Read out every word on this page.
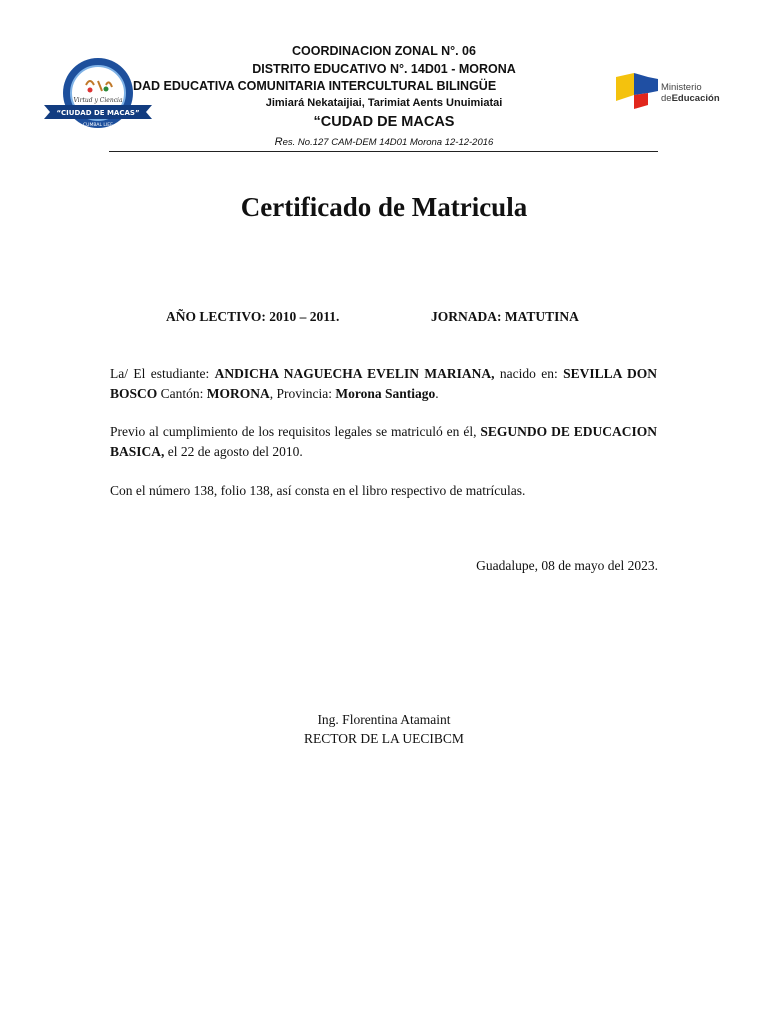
COORDINACION ZONAL N°. 06
DISTRITO EDUCATIVO N°. 14D01 - MORONA
DAD EDUCATIVA COMUNITARIA INTERCULTURAL BILINGÜE
Jimiará Nekataijiai, Tarimiat Aents Unuimiatai
“CUDAD DE MACAS
Res. No.127 CAM-DEM 14D01 Morona 12-12-2016
Virtud y Ciencia
“CIUDAD DE MACAS”
CUMBAL LIEE
Ministerio
deEducación
Certificado de Matricula
AÑO LECTIVO: 2010 – 2011.	JORNADA: MATUTINA
La/ El estudiante: ANDICHA NAGUECHA EVELIN MARIANA, nacido en: SEVILLA DON BOSCO Cantón: MORONA, Provincia: Morona Santiago.
Previo al cumplimiento de los requisitos legales se matriculó en él, SEGUNDO DE EDUCACION BASICA, el 22 de agosto del 2010.
Con el número 138, folio 138, así consta en el libro respectivo de matrículas.
Guadalupe, 08 de mayo del 2023.
Ing. Florentina Atamaint
RECTOR DE LA UECIBCM
